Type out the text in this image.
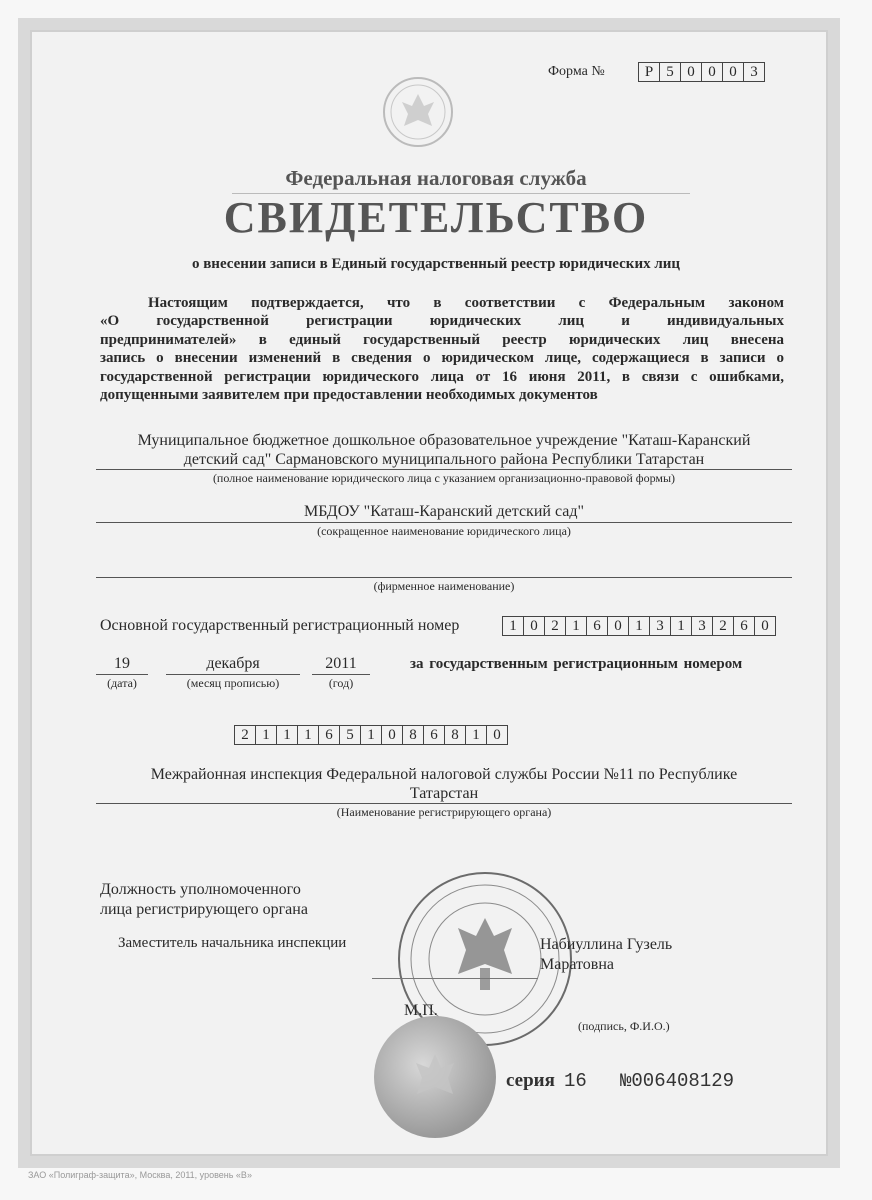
Форма №	Р 5 0 0 0 3
Федеральная налоговая служба
СВИДЕТЕЛЬСТВО
о внесении записи в Единый государственный реестр юридических лиц
Настоящим подтверждается, что в соответствии с Федеральным законом
«О государственной регистрации юридических лиц и индивидуальных
предпринимателей» в единый государственный реестр юридических лиц внесена
запись о внесении изменений в сведения о юридическом лице, содержащиеся в записи о
государственной регистрации юридического лица от 16 июня 2011, в связи с ошибками,
допущенными заявителем при предоставлении необходимых документов
Муниципальное бюджетное дошкольное образовательное учреждение "Каташ-Каранский
детский сад" Сармановского муниципального района Республики Татарстан
(полное наименование юридического лица с указанием организационно-правовой формы)
МБДОУ "Каташ-Каранский детский сад"
(сокращенное наименование юридического лица)
(фирменное наименование)
Основной государственный регистрационный номер	1 0 2 1 6 0 1 3 1 3 2 6 0
19
(дата)
декабря
(месяц прописью)
2011
(год)
за государственным регистрационным номером
2 1 1 1 6 5 1 0 8 6 8 1 0
Межрайонная инспекция Федеральной налоговой службы России №11 по Республике
Татарстан
(Наименование регистрирующего органа)
Должность уполномоченного
лица регистрирующего органа
Заместитель начальника инспекции	Набиуллина Гузель
Маратовна
М.П.
(подпись, Ф.И.О.)
серия 16 №006408129
ЗАО «Полиграф-защита», Москва, 2011, уровень «В»
